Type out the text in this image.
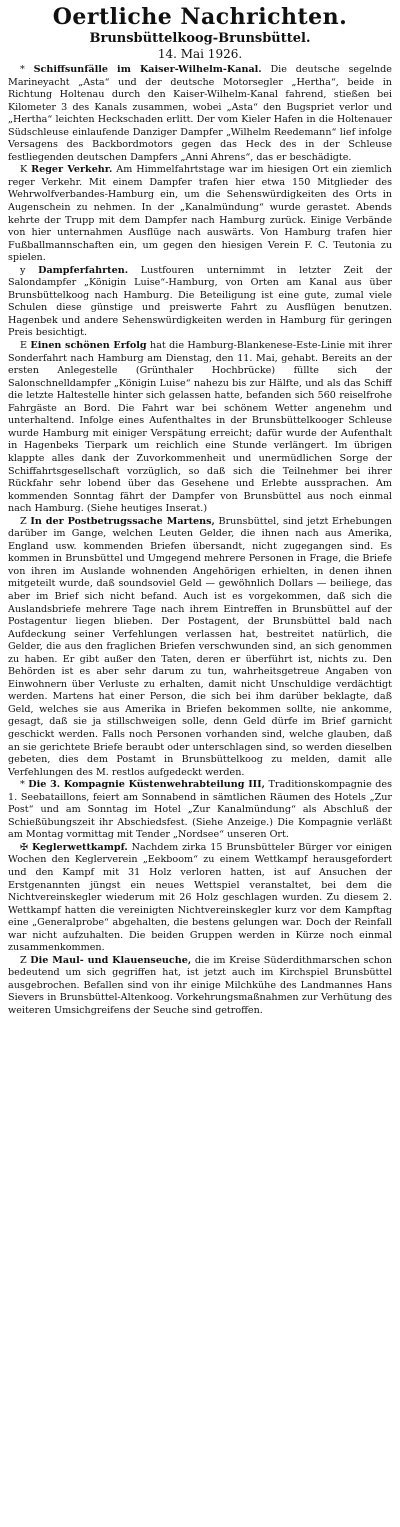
Oertliche Nachrichten.
Brunsbüttelkoog-Brunsbüttel.
14. Mai 1926.

* Schiffsunfälle im Kaiser-Wilhelm-Kanal. Die deutsche segelnde Marineyacht „Asta“ und der deutsche Motorsegler „Hertha“, beide in Richtung Holtenau durch den Kaiser-Wilhelm-Kanal fahrend, stießen bei Kilometer 3 des Kanals zusammen, wobei „Asta“ den Bugspriet verlor und „Hertha“ leichten Heckschaden erlitt. Der vom Kieler Hafen in die Holtenauer Südschleuse einlaufende Danziger Dampfer „Wilhelm Reedemann“ lief infolge Versagens des Backbordmotors gegen das Heck des in der Schleuse festliegenden deutschen Dampfers „Anni Ahrens“, das er beschädigte.

K Reger Verkehr. Am Himmelfahrtstage war im hiesigen Ort ein ziemlich reger Verkehr. Mit einem Dampfer trafen hier etwa 150 Mitglieder des Wehrwolfverbandes-Hamburg ein, um die Sehenswürdigkeiten des Orts in Augenschein zu nehmen. In der „Kanalmündung“ wurde gerastet. Abends kehrte der Trupp mit dem Dampfer nach Hamburg zurück. Einige Verbände von hier unternahmen Ausflüge nach auswärts. Von Hamburg trafen hier Fußballmannschaften ein, um gegen den hiesigen Verein F. C. Teutonia zu spielen.

y Dampferfahrten. Lustfouren unternimmt in letzter Zeit der Salondampfer „Königin Luise“-Hamburg, von Orten am Kanal aus über Brunsbüttelkoog nach Hamburg. Die Beteiligung ist eine gute, zumal viele Schulen diese günstige und preiswerte Fahrt zu Ausflügen benutzen. Hagenbek und andere Sehenswürdigkeiten werden in Hamburg für geringen Preis besichtigt.

E Einen schönen Erfolg hat die Hamburg-Blankenese-Este-Linie mit ihrer Sonderfahrt nach Hamburg am Dienstag, den 11. Mai, gehabt. Bereits an der ersten Anlegestelle (Grünthaler Hochbrücke) füllte sich der Salonschnelldampfer „Königin Luise“ nahezu bis zur Hälfte, und als das Schiff die letzte Haltestelle hinter sich gelassen hatte, befanden sich 560 reiselfrohe Fahrgäste an Bord. Die Fahrt war bei schönem Wetter angenehm und unterhaltend. Infolge eines Aufenthaltes in der Brunsbüttelkooger Schleuse wurde Hamburg mit einiger Verspätung erreicht; dafür wurde der Aufenthalt in Hagenbeks Tierpark um reichlich eine Stunde verlängert. Im übrigen klappte alles dank der Zuvorkommenheit und unermüdlichen Sorge der Schiffahrtsgesellschaft vorzüglich, so daß sich die Teilnehmer bei ihrer Rückfahr sehr lobend über das Gesehene und Erlebte aussprachen. Am kommenden Sonntag fährt der Dampfer von Brunsbüttel aus noch einmal nach Hamburg. (Siehe heutiges Inserat.)

Z In der Postbetrugssache Martens, Brunsbüttel, sind jetzt Erhebungen darüber im Gange, welchen Leuten Gelder, die ihnen nach aus Amerika, England usw. kommenden Briefen übersandt, nicht zugegangen sind. Es kommen in Brunsbüttel und Umgegend mehrere Personen in Frage, die Briefe von ihren im Auslande wohnenden Angehörigen erhielten, in denen ihnen mitgeteilt wurde, daß soundsoviel Geld — gewöhnlich Dollars — beiliege, das aber im Brief sich nicht befand. Auch ist es vorgekommen, daß sich die Auslandsbriefe mehrere Tage nach ihrem Eintreffen in Brunsbüttel auf der Postagentur liegen blieben. Der Postagent, der Brunsbüttel bald nach Aufdeckung seiner Verfehlungen verlassen hat, bestreitet natürlich, die Gelder, die aus den fraglichen Briefen verschwunden sind, an sich genommen zu haben. Er gibt außer den Taten, deren er überführt ist, nichts zu. Den Behörden ist es aber sehr darum zu tun, wahrheitsgetreue Angaben von Einwohnern über Verluste zu erhalten, damit nicht Unschuldige verdächtigt werden. Martens hat einer Person, die sich bei ihm darüber beklagte, daß Geld, welches sie aus Amerika in Briefen bekommen sollte, nie ankomme, gesagt, daß sie ja stillschweigen solle, denn Geld dürfe im Brief garnicht geschickt werden. Falls noch Personen vorhanden sind, welche glauben, daß an sie gerichtete Briefe beraubt oder unterschlagen sind, so werden dieselben gebeten, dies dem Postamt in Brunsbüttelkoog zu melden, damit alle Verfehlungen des M. restlos aufgedeckt werden.

* Die 3. Kompagnie Küstenwehrabteilung III, Traditionskompagnie des 1. Seebataillons, feiert am Sonnabend in sämtlichen Räumen des Hotels „Zur Post“ und am Sonntag im Hotel „Zur Kanalmündung“ als Abschluß der Schießübungszeit ihr Abschiedsfest. (Siehe Anzeige.) Die Kompagnie verläßt am Montag vormittag mit Tender „Nordsee“ unseren Ort.

✠ Keglerwettkampf. Nachdem zirka 15 Brunsbütteler Bürger vor einigen Wochen den Keglerverein „Eekboom“ zu einem Wettkampf herausgefordert und den Kampf mit 31 Holz verloren hatten, ist auf Ansuchen der Erstgenannten jüngst ein neues Wettspiel veranstaltet, bei dem die Nichtvereinskegler wiederum mit 26 Holz geschlagen wurden. Zu diesem 2. Wettkampf hatten die vereinigten Nichtvereinskegler kurz vor dem Kampftag eine „Generalprobe“ abgehalten, die bestens gelungen war. Doch der Reinfall war nicht aufzuhalten. Die beiden Gruppen werden in Kürze noch einmal zusammenkommen.

Z Die Maul- und Klauenseuche, die im Kreise Süderdithmarschen schon bedeutend um sich gegriffen hat, ist jetzt auch im Kirchspiel Brunsbüttel ausgebrochen. Befallen sind von ihr einige Milchkühe des Landmannes Hans Sievers in Brunsbüttel-Altenkoog. Vorkehrungsmaßnahmen zur Verhütung des weiteren Umsichgreifens der Seuche sind getroffen.
